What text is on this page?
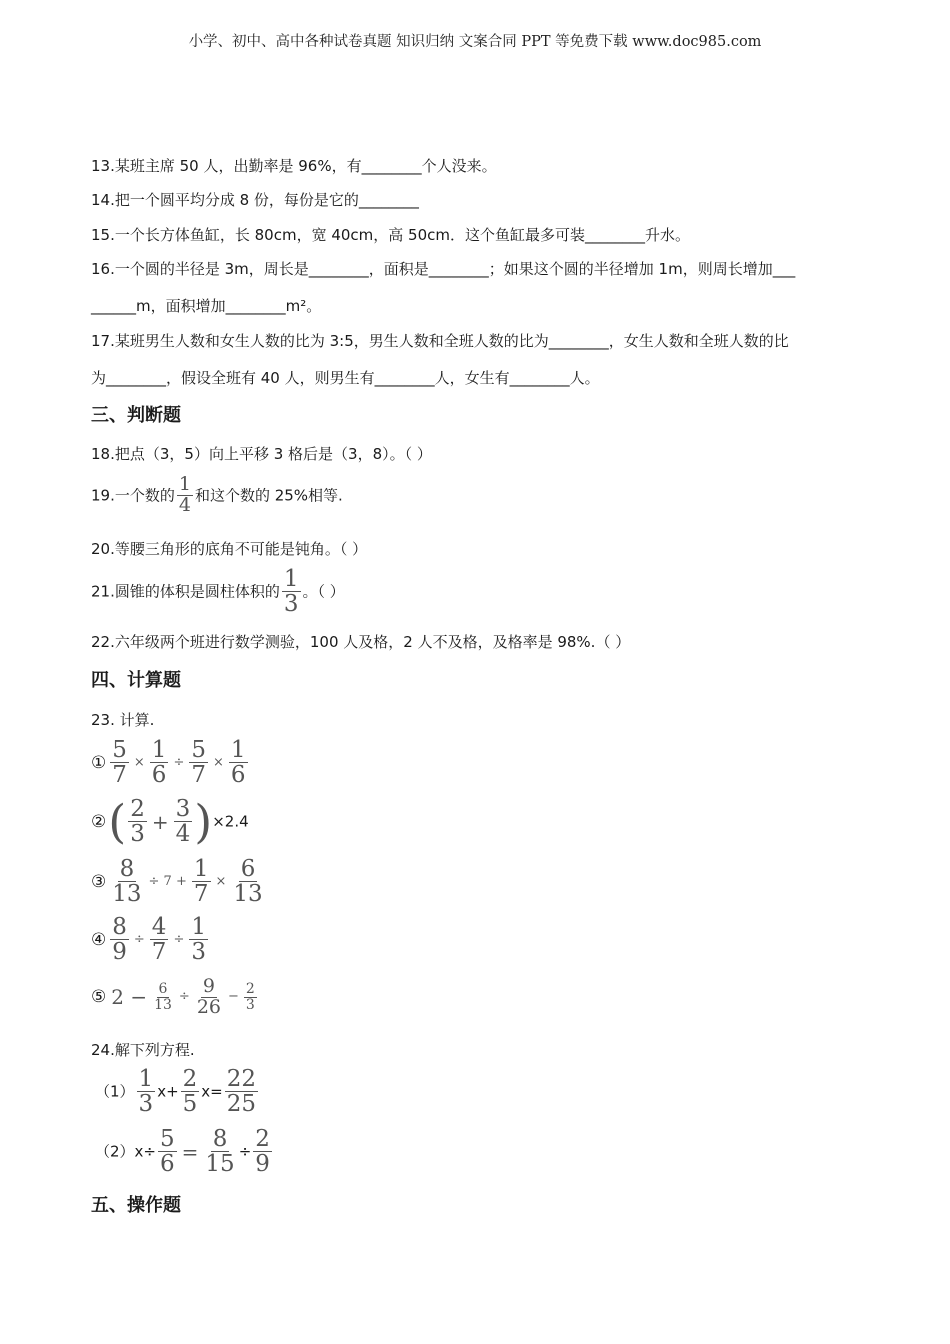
小学、初中、高中各种试卷真题 知识归纳 文案合同 PPT 等免费下载 www.doc985.com
13.某班主席 50 人，出勤率是 96%，有________个人没来。
14.把一个圆平均分成 8 份，每份是它的________
15.一个长方体鱼缸，长 80cm，宽 40cm，高 50cm．这个鱼缸最多可装________升水。
16.一个圆的半径是 3m，周长是________，面积是________；如果这个圆的半径增加 1m，则周长增加___
______m，面积增加________m²。
17.某班男生人数和女生人数的比为 3:5，男生人数和全班人数的比为________，女生人数和全班人数的比
为________，假设全班有 40 人，则男生有________人，女生有________人。
三、判断题
18.把点（3，5）向上平移 3 格后是（3，8）。（ ）
19.一个数的 $\frac{1}{4}$ 和这个数的 25%相等.
20.等腰三角形的底角不可能是钝角。（ ）
21.圆锥的体积是圆柱体积的 $\frac{1}{3}$ 。（ ）
22.六年级两个班进行数学测验，100 人及格，2 人不及格，及格率是 98%.（ ）
四、计算题
23. 计算.
① $\frac{5}{7} \times \frac{1}{6} \div \frac{5}{7} \times \frac{1}{6}$
②( $\frac{2}{3} + \frac{3}{4} )\times 2.4$
③ $\frac{8}{13} \div 7 + \frac{1}{7} \times \frac{6}{13}$
④ $\frac{8}{9} \div \frac{4}{7} \div \frac{1}{3}$
⑤ $2 - \frac{6}{13} \div \frac{9}{26} - \frac{2}{3}$
24.解下列方程.
$(1) \frac{1}{3} x+ \frac{2}{5} x= \frac{22}{25}$
$(2)x\div \frac{5}{6} = \frac{8}{15} \div \frac{2}{9}$
五、操作题
